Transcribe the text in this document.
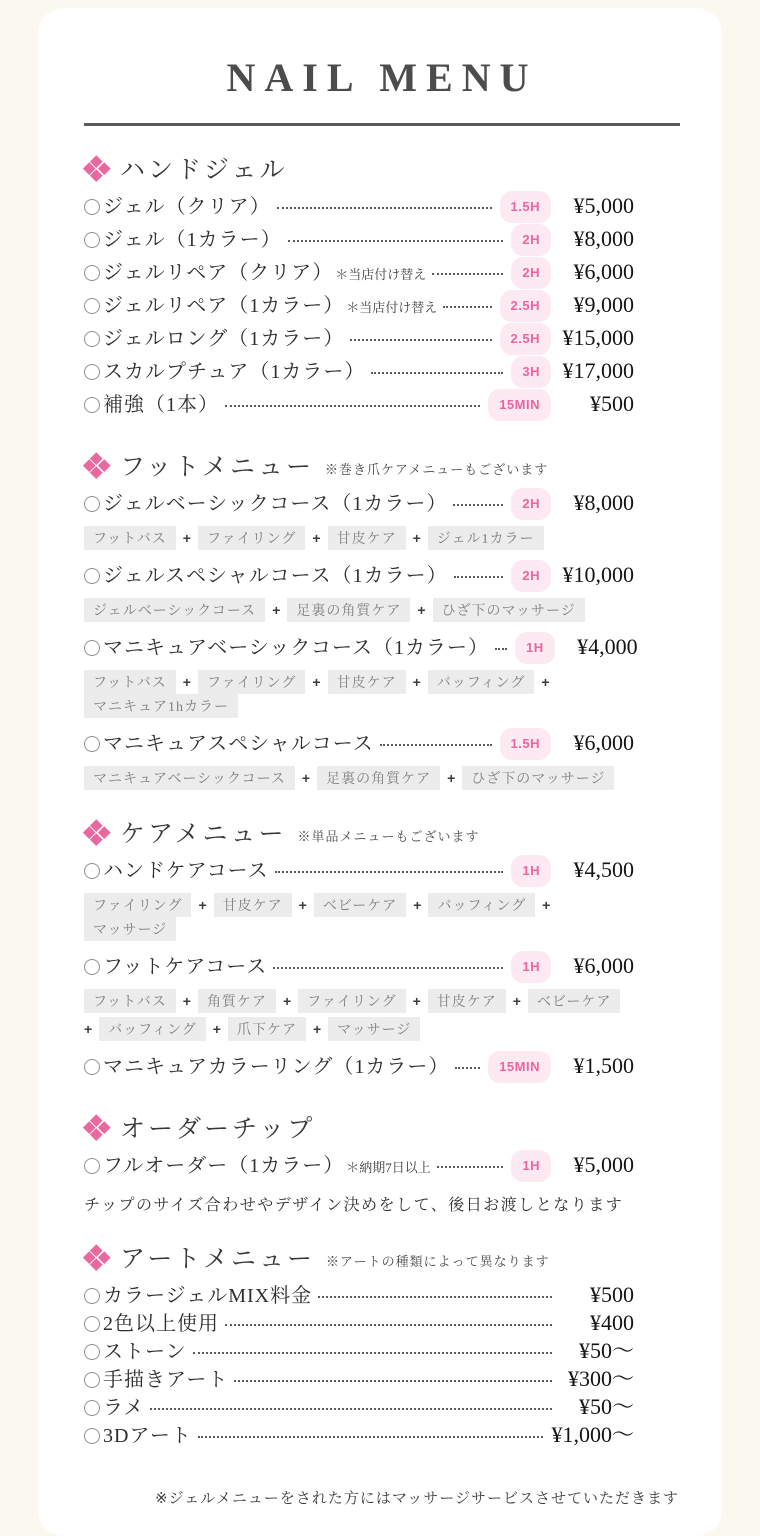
NAIL MENU
ハンドジェル
ジェル（クリア）	1.5H	¥5,000
ジェル（1カラー）	2H	¥8,000
ジェルリペア（クリア） ＊当店付け替え	2H	¥6,000
ジェルリペア（1カラー） ＊当店付け替え	2.5H	¥9,000
ジェルロング（1カラー）	2.5H	¥15,000
スカルプチュア（1カラー）	3H	¥17,000
補強（1本）	15MIN	¥500
フットメニュー ※巻き爪ケアメニューもございます
ジェルベーシックコース（1カラー）	2H	¥8,000
フットバス	+	ファイリング	+	甘皮ケア	+	ジェル1カラー
ジェルスペシャルコース（1カラー）	2H	¥10,000
ジェルベーシックコース	+	足裏の角質ケア	+	ひざ下のマッサージ
マニキュアベーシックコース（1カラー）	1H	¥4,000
フットバス	+	ファイリング	+	甘皮ケア	+	バッフィング	+
マニキュア1hカラー
マニキュアスペシャルコース	1.5H	¥6,000
マニキュアベーシックコース	+	足裏の角質ケア	+	ひざ下のマッサージ
ケアメニュー ※単品メニューもございます
ハンドケアコース	1H	¥4,500
ファイリング	+	甘皮ケア	+	ベビーケア	+	バッフィング	+
マッサージ
フットケアコース	1H	¥6,000
フットバス	+	角質ケア	+	ファイリング	+	甘皮ケア	+	ベビーケア
+	バッフィング	+	爪下ケア	+	マッサージ
マニキュアカラーリング（1カラー）	15MIN	¥1,500
オーダーチップ
フルオーダー（1カラー） ＊納期7日以上	1H	¥5,000
チップのサイズ合わせやデザイン決めをして、後日お渡しとなります
アートメニュー ※アートの種類によって異なります
カラージェルMIX料金	¥500
2色以上使用	¥400
ストーン	¥50～
手描きアート	¥300～
ラメ	¥50～
3Dアート	¥1,000～
※ジェルメニューをされた方にはマッサージサービスさせていただきます
